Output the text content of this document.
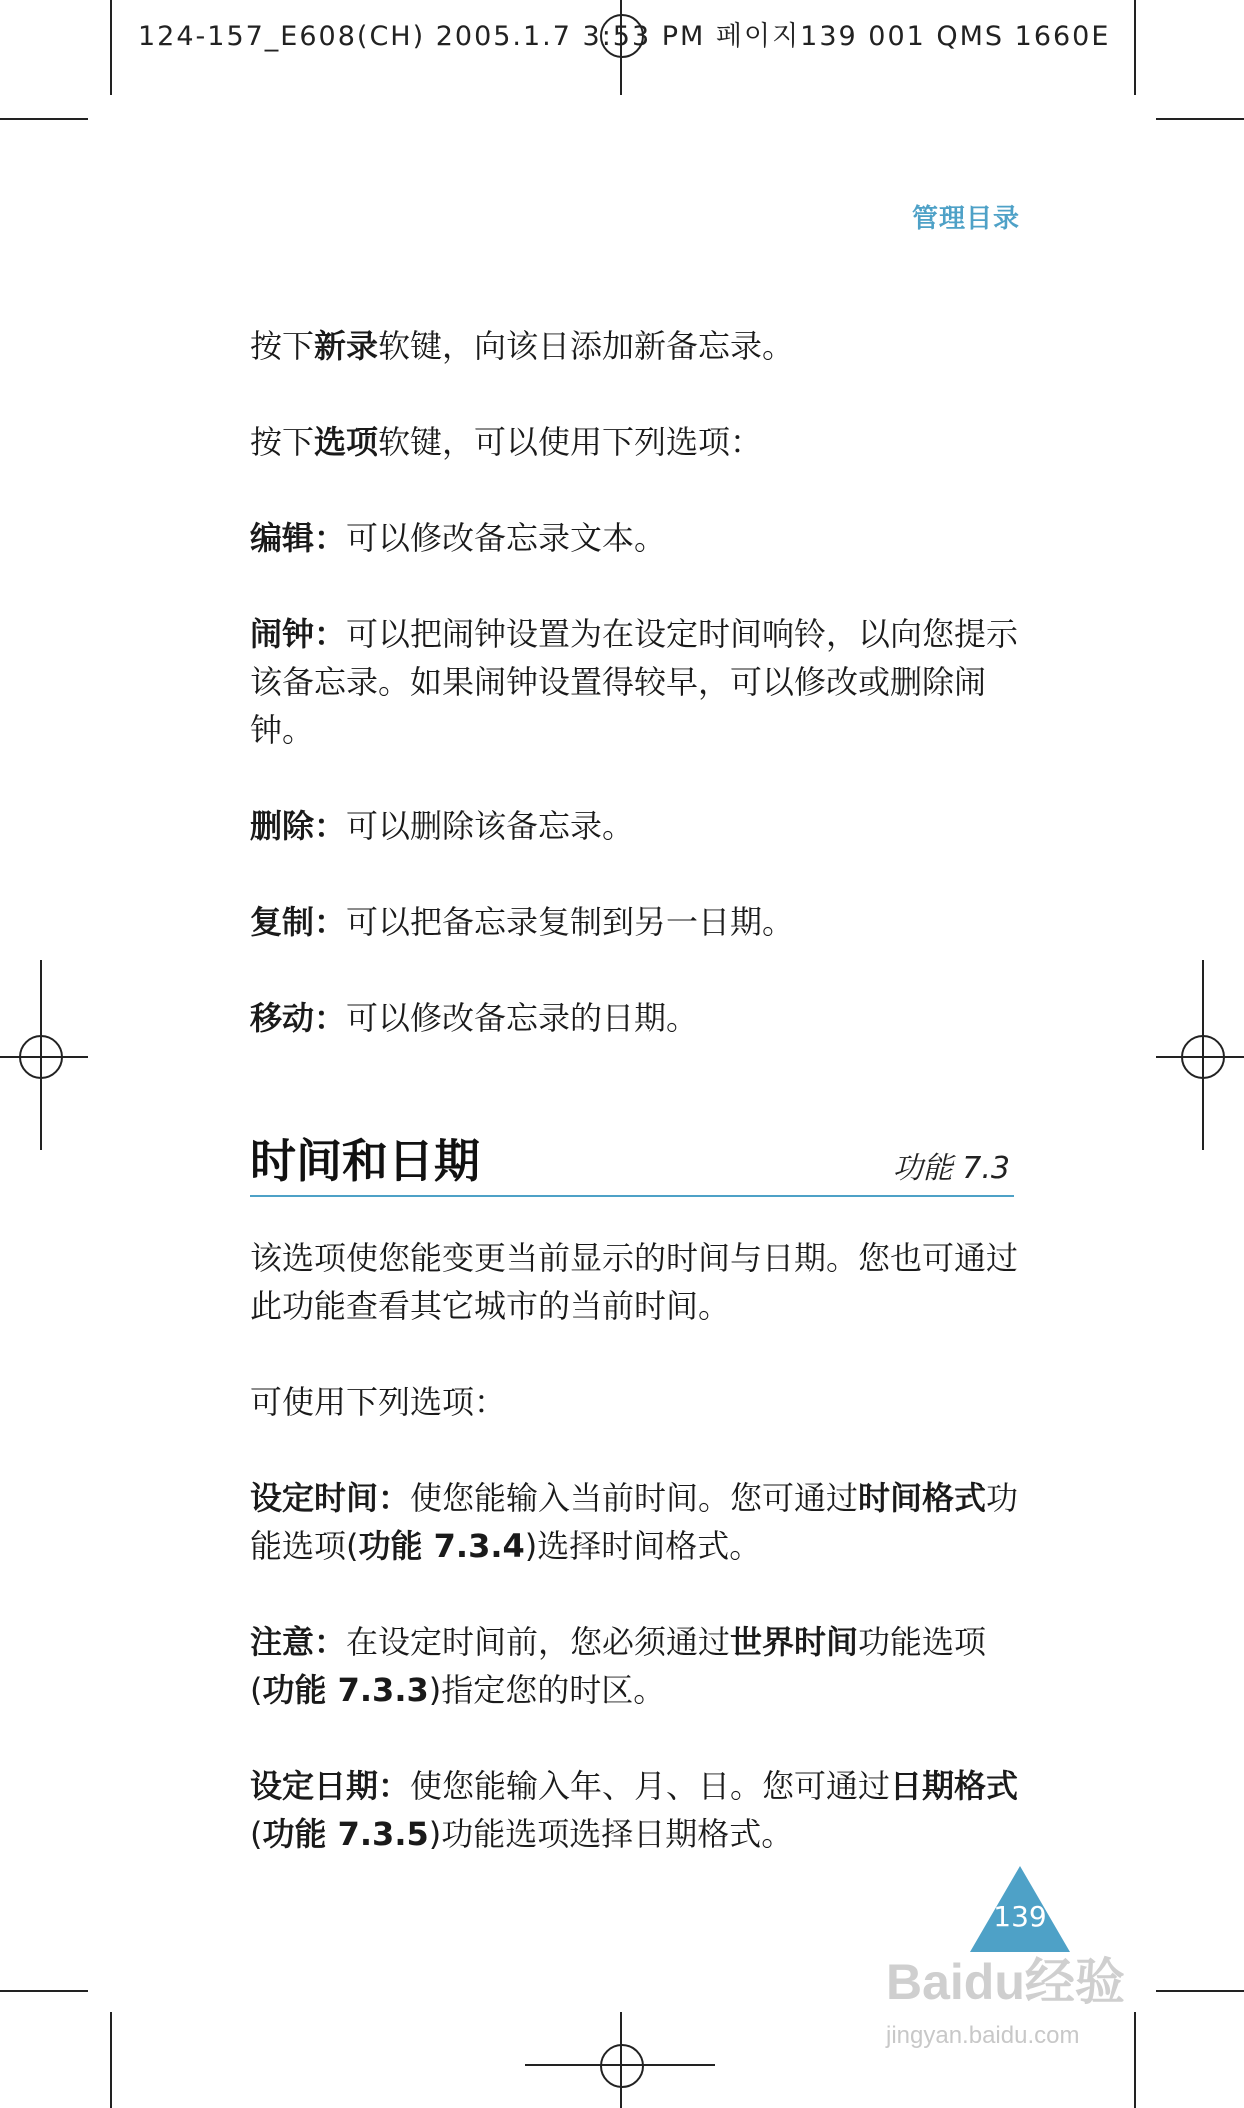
124-157_E608(CH) 2005.1.7 3:53 PM 페이지139 001 QMS 1660E
管理目录

按下新录软键，向该日添加新备忘录。

按下选项软键，可以使用下列选项：

编辑：可以修改备忘录文本。

闹钟：可以把闹钟设置为在设定时间响铃，以向您提示该备忘录。如果闹钟设置得较早，可以修改或删除闹钟。

删除：可以删除该备忘录。

复制：可以把备忘录复制到另一日期。

移动：可以修改备忘录的日期。

时间和日期	功能 7.3

该选项使您能变更当前显示的时间与日期。您也可通过此功能查看其它城市的当前时间。

可使用下列选项：

设定时间：使您能输入当前时间。您可通过时间格式功能选项(功能 7.3.4)选择时间格式。

注意：在设定时间前，您必须通过世界时间功能选项(功能 7.3.3)指定您的时区。

设定日期：使您能输入年、月、日。您可通过日期格式(功能 7.3.5)功能选项选择日期格式。

139
Baidu经验
jingyan.baidu.com
